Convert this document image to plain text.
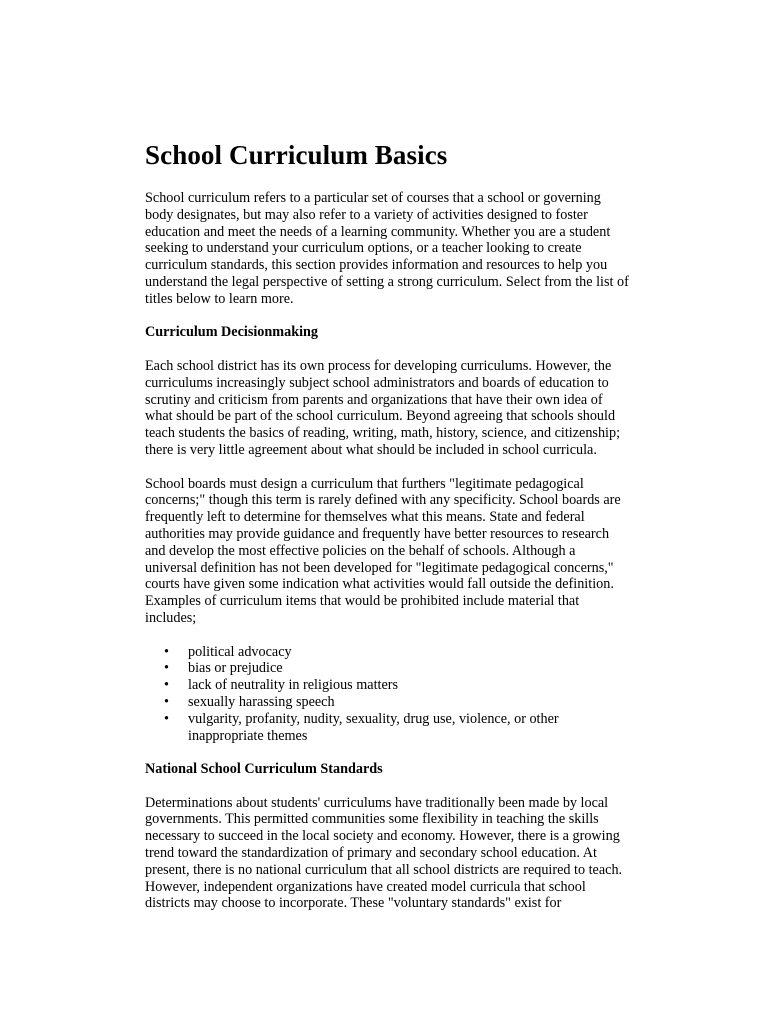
School Curriculum Basics

School curriculum refers to a particular set of courses that a school or governing
body designates, but may also refer to a variety of activities designed to foster
education and meet the needs of a learning community. Whether you are a student
seeking to understand your curriculum options, or a teacher looking to create
curriculum standards, this section provides information and resources to help you
understand the legal perspective of setting a strong curriculum. Select from the list of
titles below to learn more.

Curriculum Decisionmaking

Each school district has its own process for developing curriculums. However, the
curriculums increasingly subject school administrators and boards of education to
scrutiny and criticism from parents and organizations that have their own idea of
what should be part of the school curriculum. Beyond agreeing that schools should
teach students the basics of reading, writing, math, history, science, and citizenship;
there is very little agreement about what should be included in school curricula.

School boards must design a curriculum that furthers "legitimate pedagogical
concerns;" though this term is rarely defined with any specificity. School boards are
frequently left to determine for themselves what this means. State and federal
authorities may provide guidance and frequently have better resources to research
and develop the most effective policies on the behalf of schools. Although a
universal definition has not been developed for "legitimate pedagogical concerns,"
courts have given some indication what activities would fall outside the definition.
Examples of curriculum items that would be prohibited include material that
includes;

• political advocacy
• bias or prejudice
• lack of neutrality in religious matters
• sexually harassing speech
• vulgarity, profanity, nudity, sexuality, drug use, violence, or other
inappropriate themes
National School Curriculum Standards

Determinations about students' curriculums have traditionally been made by local
governments. This permitted communities some flexibility in teaching the skills
necessary to succeed in the local society and economy. However, there is a growing
trend toward the standardization of primary and secondary school education. At
present, there is no national curriculum that all school districts are required to teach.
However, independent organizations have created model curricula that school
districts may choose to incorporate. These "voluntary standards" exist for
